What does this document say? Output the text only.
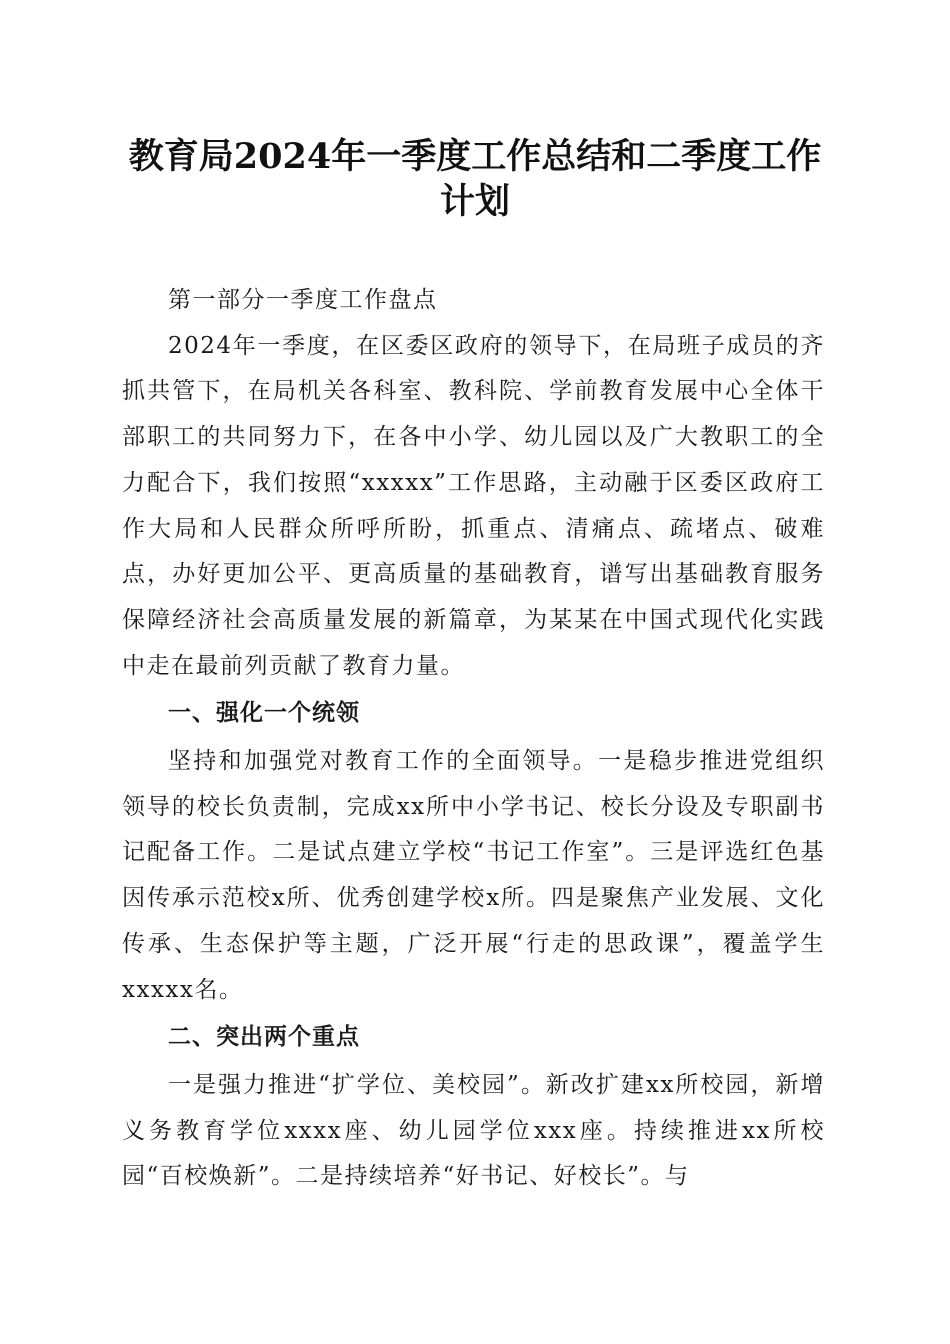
教育局2024年一季度工作总结和二季度工作计划

第一部分一季度工作盘点

2024年一季度，在区委区政府的领导下，在局班子成员的齐抓共管下，在局机关各科室、教科院、学前教育发展中心全体干部职工的共同努力下，在各中小学、幼儿园以及广大教职工的全力配合下，我们按照“xxxxx”工作思路，主动融于区委区政府工作大局和人民群众所呼所盼，抓重点、清痛点、疏堵点、破难点，办好更加公平、更高质量的基础教育，谱写出基础教育服务保障经济社会高质量发展的新篇章，为某某在中国式现代化实践中走在最前列贡献了教育力量。

一、强化一个统领

坚持和加强党对教育工作的全面领导。一是稳步推进党组织领导的校长负责制，完成xx所中小学书记、校长分设及专职副书记配备工作。二是试点建立学校“书记工作室”。三是评选红色基因传承示范校x所、优秀创建学校x所。四是聚焦产业发展、文化传承、生态保护等主题，广泛开展“行走的思政课”，覆盖学生xxxxx名。

二、突出两个重点

一是强力推进“扩学位、美校园”。新改扩建xx所校园，新增义务教育学位xxxx座、幼儿园学位xxx座。持续推进xx所校园“百校焕新”。二是持续培养“好书记、好校长”。与
